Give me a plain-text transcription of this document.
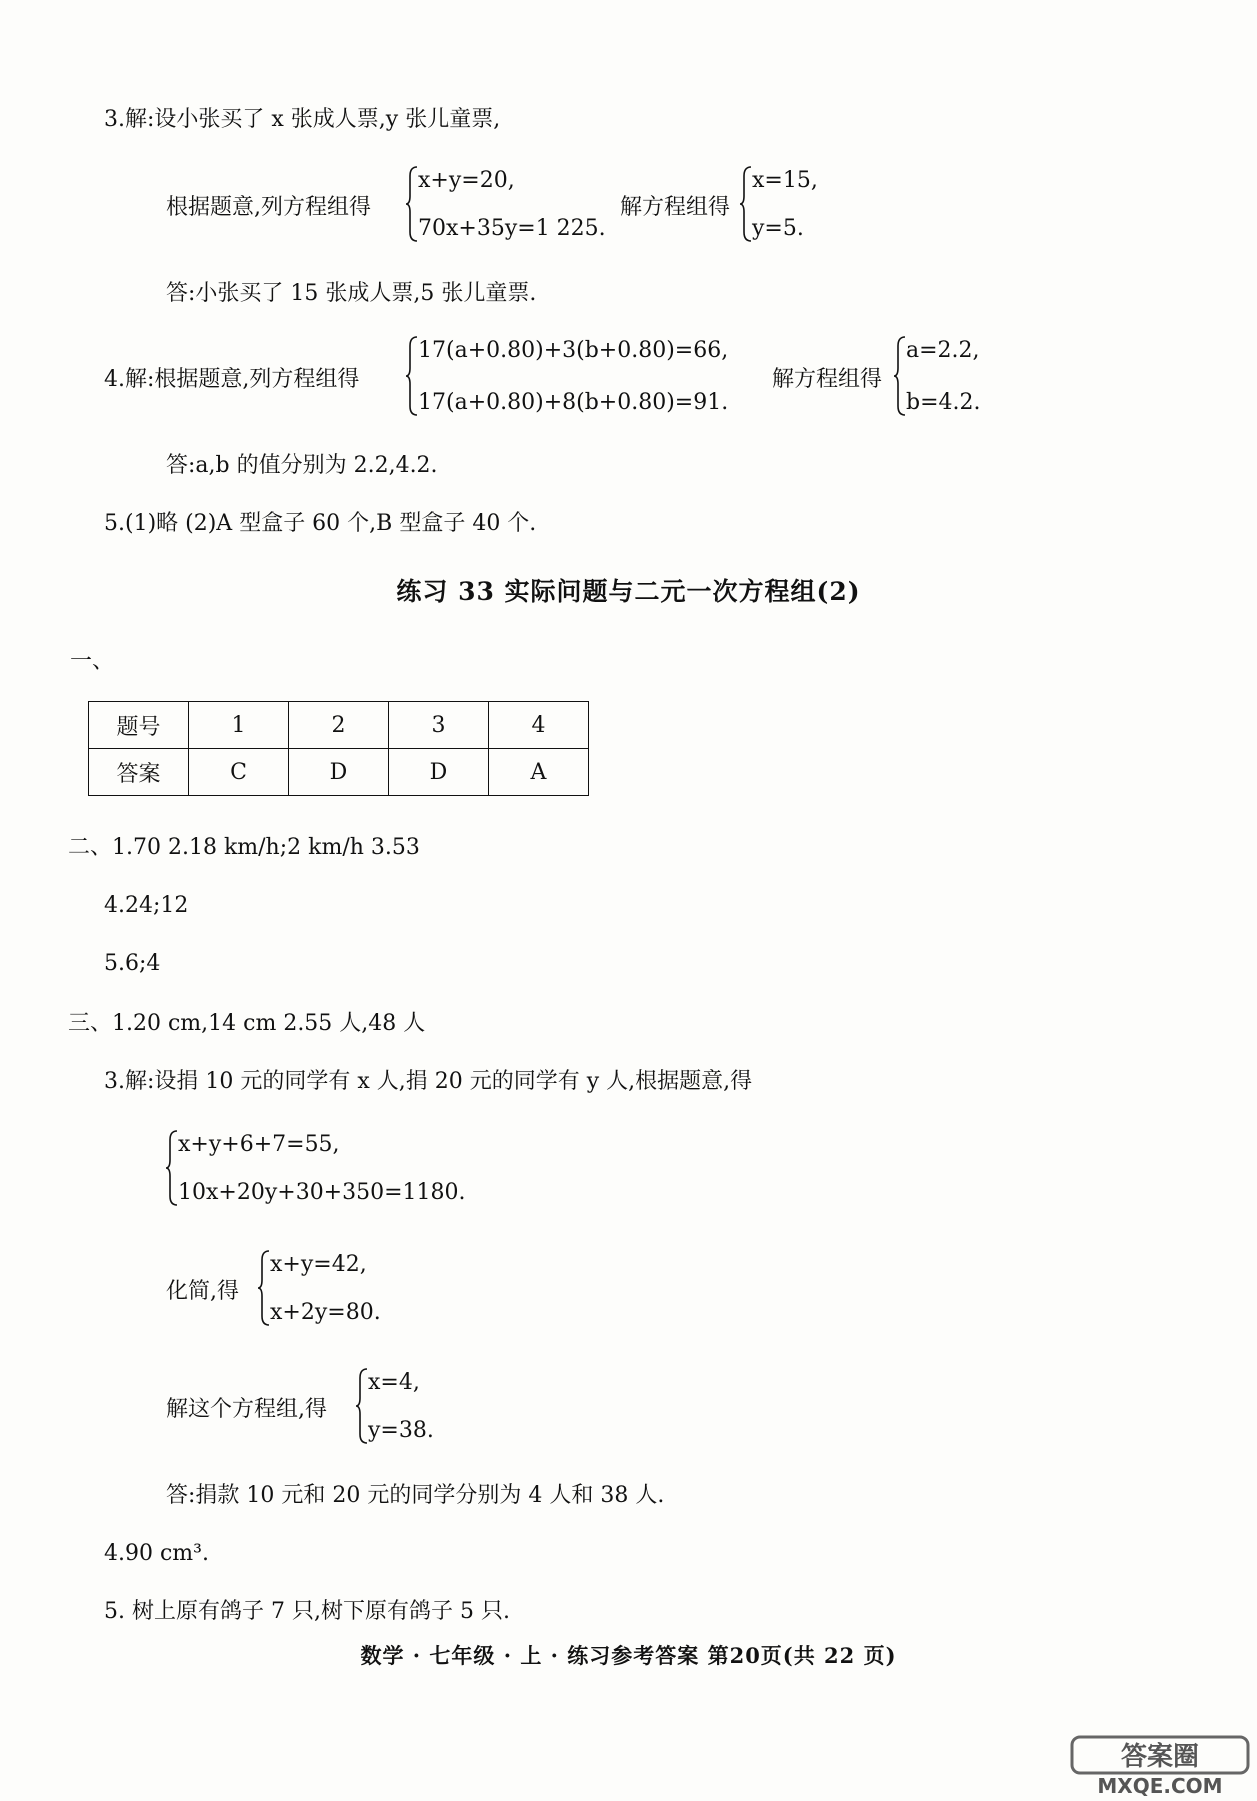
3.解:设小张买了 x 张成人票,y 张儿童票,
根据题意,列方程组得
x+y=20,
70x+35y=1 225.
解方程组得
x=15,
y=5.
答:小张买了 15 张成人票,5 张儿童票.
4.解:根据题意,列方程组得
17(a+0.80)+3(b+0.80)=66,
17(a+0.80)+8(b+0.80)=91.
解方程组得
a=2.2,
b=4.2.
答:a,b 的值分别为 2.2,4.2.
5.(1)略 (2)A 型盒子 60 个,B 型盒子 40 个.
练习 33 实际问题与二元一次方程组(2)
一、
题号	1	2	3	4
答案	C	D	D	A
二、1.70 2.18 km/h;2 km/h 3.53
4.24;12
5.6;4
三、1.20 cm,14 cm 2.55 人,48 人
3.解:设捐 10 元的同学有 x 人,捐 20 元的同学有 y 人,根据题意,得
x+y+6+7=55,
10x+20y+30+350=1180.
化简,得
x+y=42,
x+2y=80.
解这个方程组,得
x=4,
y=38.
答:捐款 10 元和 20 元的同学分别为 4 人和 38 人.
4.90 cm³.
5. 树上原有鸽子 7 只,树下原有鸽子 5 只.
数学 · 七年级 · 上 · 练习参考答案 第20页(共 22 页)
答案圈
MXQE.COM
